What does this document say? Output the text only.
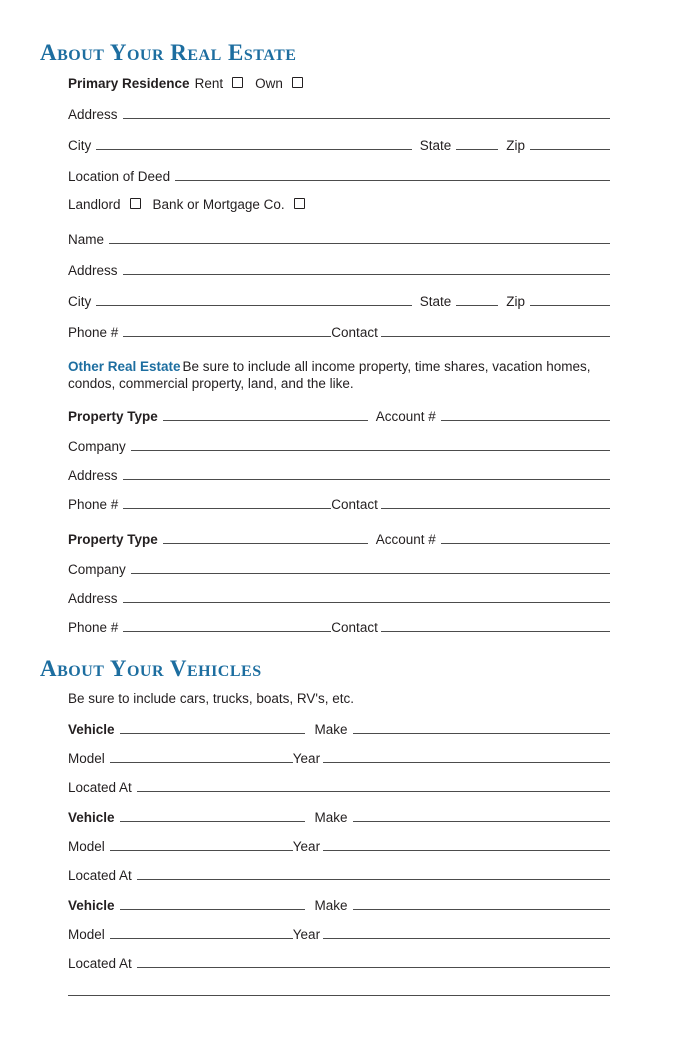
About Your Real Estate
Primary Residence Rent	Own
Address
City	State	Zip
Location of Deed
Landlord	Bank or Mortgage Co.
Name
Address
City	State	Zip
Phone #	Contact
Other Real Estate Be sure to include all income property, time shares, vacation homes, condos, commercial property, land, and the like.
Property Type	Account #
Company
Address
Phone #	Contact
Property Type	Account #
Company
Address
Phone #	Contact
About Your Vehicles
Be sure to include cars, trucks, boats, RV's, etc.
Vehicle	Make
Model	Year
Located At
Vehicle	Make
Model	Year
Located At
Vehicle	Make
Model	Year
Located At
